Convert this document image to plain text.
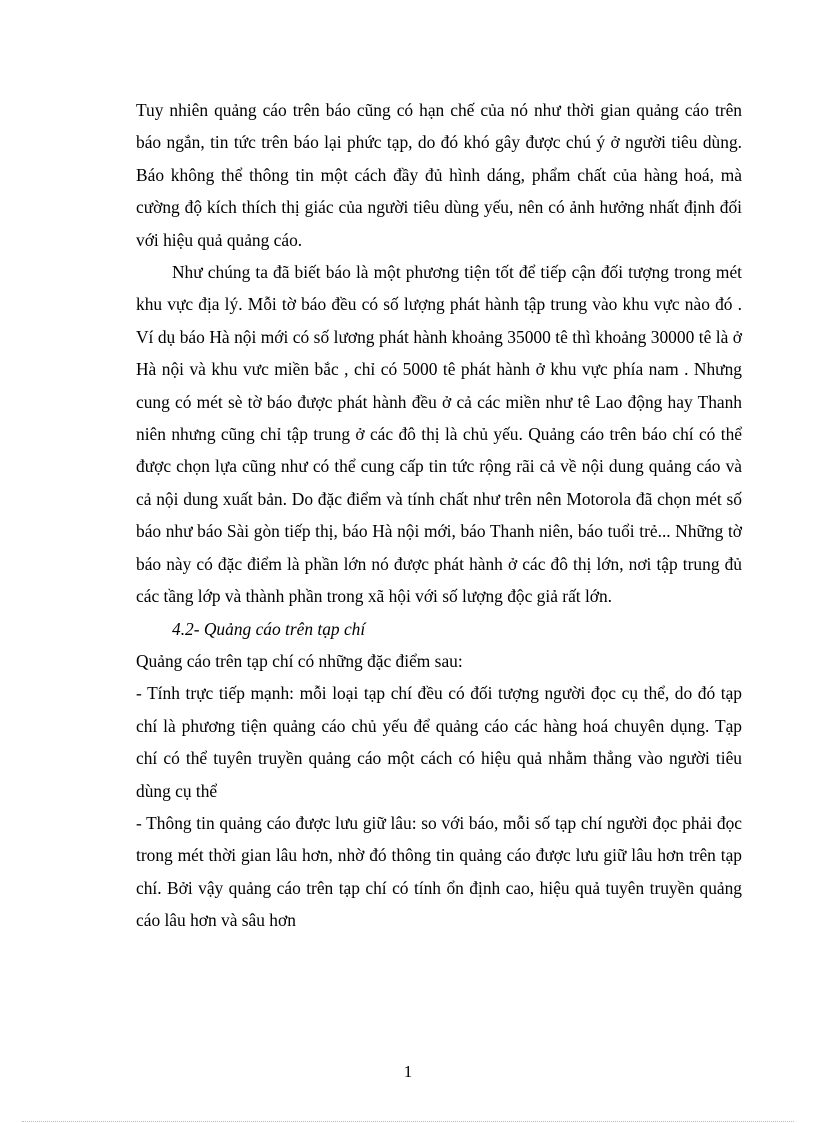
Tuy nhiên quảng cáo trên báo cũng có hạn chế của nó như thời gian quảng cáo trên báo ngắn, tin tức trên báo lại phức tạp, do đó khó gây được chú ý ở người tiêu dùng. Báo không thể thông tin một cách đầy đủ hình dáng, phẩm chất của hàng hoá, mà cường độ kích thích thị giác của người tiêu dùng yếu, nên có ảnh hưởng nhất định đối với hiệu quả quảng cáo.

Như chúng ta đã biết báo là một phương tiện tốt để tiếp cận đối tượng trong mét khu vực địa lý. Mỗi tờ báo đều có số lượng phát hành tập trung vào khu vực nào đó . Ví dụ báo Hà nội mới có số lương phát hành khoảng 35000 tê thì khoảng 30000 tê là ở Hà nội và khu vưc miền bắc , chỉ có 5000 tê phát hành ở khu vực phía nam . Nhưng cung có mét sè tờ báo được phát hành đều ở cả các miền như tê Lao động hay Thanh niên nhưng cũng chỉ tập trung ở các đô thị là chủ yếu. Quảng cáo trên báo chí có thể được chọn lựa cũng như có thể cung cấp tin tức rộng rãi cả về nội dung quảng cáo và cả nội dung xuất bản. Do đặc điểm và tính chất như trên nên Motorola đã chọn mét số báo như báo Sài gòn tiếp thị, báo Hà nội mới, báo Thanh niên, báo tuổi trẻ... Những tờ báo này có đặc điểm là phần lớn nó được phát hành ở các đô thị lớn, nơi tập trung đủ các tầng lớp và thành phần trong xã hội với số lượng độc giả rất lớn.

4.2- Quảng cáo trên tạp chí

Quảng cáo trên tạp chí có những đặc điểm sau:

- Tính trực tiếp mạnh: mỗi loại tạp chí đều có đối tượng người đọc cụ thể, do đó tạp chí là phương tiện quảng cáo chủ yếu để quảng cáo các hàng hoá chuyên dụng. Tạp chí có thể tuyên truyền quảng cáo một cách có hiệu quả nhằm thẳng vào người tiêu dùng cụ thể

- Thông tin quảng cáo được lưu giữ lâu: so với báo, mỗi số tạp chí người đọc phải đọc trong mét thời gian lâu hơn, nhờ đó thông tin quảng cáo được lưu giữ lâu hơn trên tạp chí. Bởi vậy quảng cáo trên tạp chí có tính ổn định cao, hiệu quả tuyên truyền quảng cáo lâu hơn và sâu hơn

1
